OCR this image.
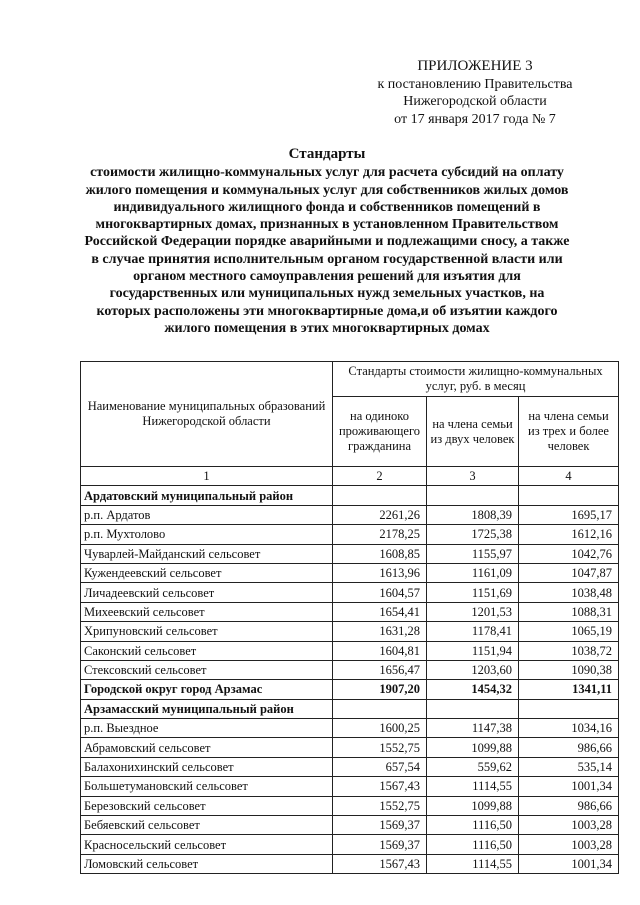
ПРИЛОЖЕНИЕ 3
к постановлению Правительства
Нижегородской области
от 17 января 2017 года № 7
Стандарты
стоимости жилищно-коммунальных услуг для расчета субсидий на оплату
жилого помещения и коммунальных услуг для собственников жилых домов
индивидуального жилищного фонда и собственников помещений в
многоквартирных домах, признанных в установленном Правительством
Российской Федерации порядке аварийными и подлежащими сносу, а также
в случае принятия исполнительным органом государственной власти или
органом местного самоуправления решений для изъятия для
государственных или муниципальных нужд земельных участков, на
которых расположены эти многоквартирные дома,и об изъятии каждого
жилого помещения в этих многоквартирных домах
Наименование муниципальных образований Нижегородской области	Стандарты стоимости жилищно-коммунальных услуг, руб. в месяц		
	на одиноко проживающего гражданина	на члена семьи из двух человек	на члена семьи из трех и более человек
1	2	3	4
Ардатовский муниципальный район			
р.п. Ардатов	2261,26	1808,39	1695,17
р.п. Мухтолово	2178,25	1725,38	1612,16
Чуварлей-Майданский сельсовет	1608,85	1155,97	1042,76
Кужендеевский сельсовет	1613,96	1161,09	1047,87
Личадеевский сельсовет	1604,57	1151,69	1038,48
Михеевский сельсовет	1654,41	1201,53	1088,31
Хрипуновский сельсовет	1631,28	1178,41	1065,19
Саконский сельсовет	1604,81	1151,94	1038,72
Стексовский сельсовет	1656,47	1203,60	1090,38
Городской округ город Арзамас	1907,20	1454,32	1341,11
Арзамасский муниципальный район			
р.п. Выездное	1600,25	1147,38	1034,16
Абрамовский сельсовет	1552,75	1099,88	986,66
Балахонихинский сельсовет	657,54	559,62	535,14
Большетумановский сельсовет	1567,43	1114,55	1001,34
Березовский сельсовет	1552,75	1099,88	986,66
Бебяевский сельсовет	1569,37	1116,50	1003,28
Красносельский сельсовет	1569,37	1116,50	1003,28
Ломовский сельсовет	1567,43	1114,55	1001,34
